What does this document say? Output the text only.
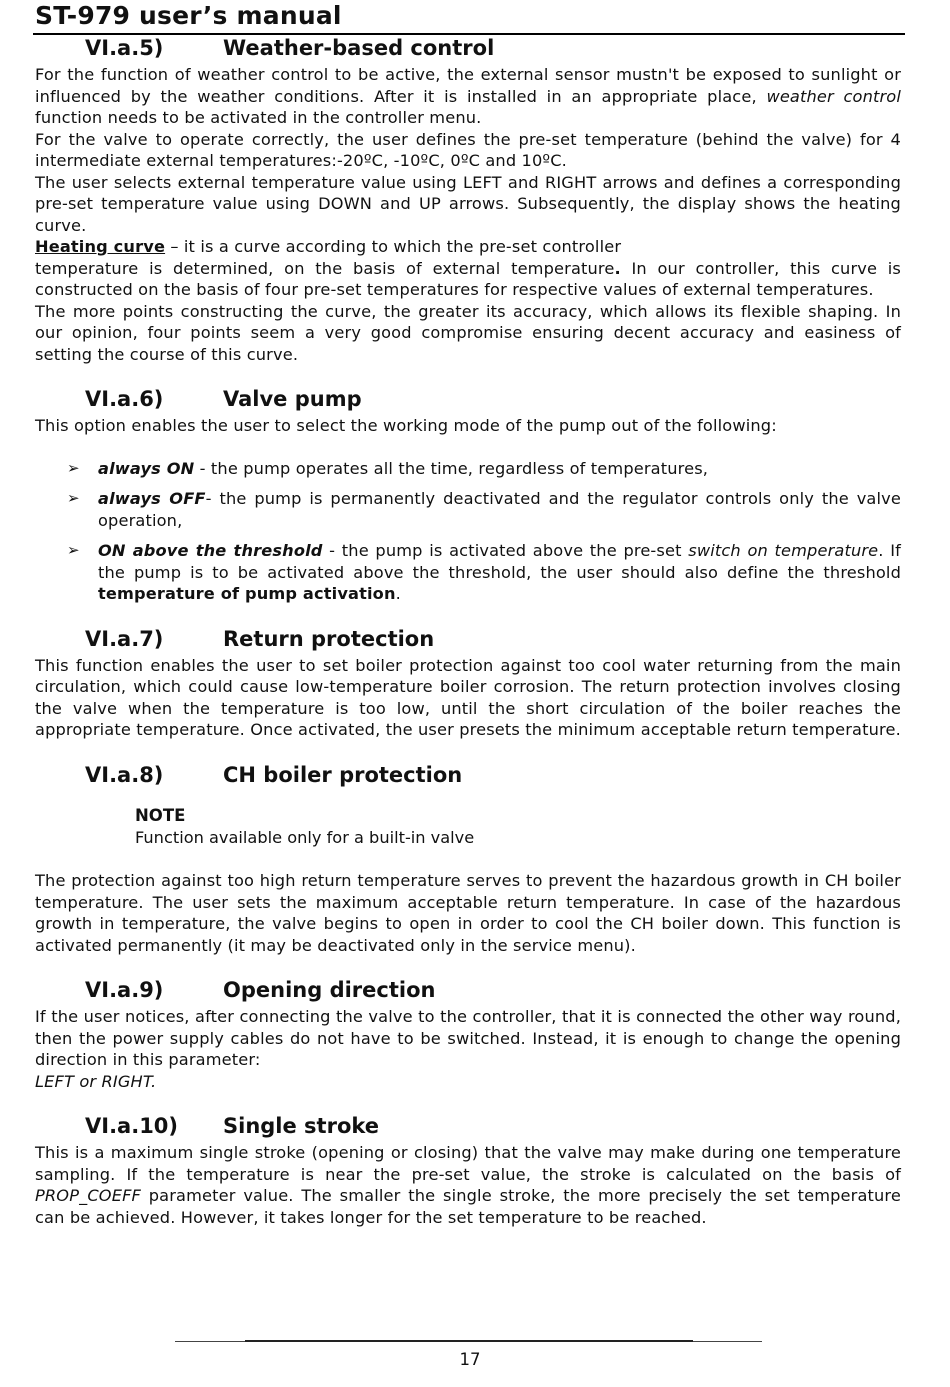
ST-979 user’s manual
VI.a.5)	Weather-based control

For the function of weather control to be active, the external sensor mustn't be exposed to sunlight or influenced by the weather conditions. After it is installed in an appropriate place, weather control function needs to be activated in the controller menu.

For the valve to operate correctly, the user defines the pre-set temperature (behind the valve) for 4 intermediate external temperatures:-20ºC, -10ºC, 0ºC and 10ºC.

The user selects external temperature value using LEFT and RIGHT arrows and defines a corresponding pre-set temperature value using DOWN and UP arrows. Subsequently, the display shows the heating curve.

Heating curve – it is a curve according to which the pre-set controller

temperature is determined, on the basis of external temperature. In our controller, this curve is constructed on the basis of four pre-set temperatures for respective values of external temperatures.

The more points constructing the curve, the greater its accuracy, which allows its flexible shaping. In our opinion, four points seem a very good compromise ensuring decent accuracy and easiness of setting the course of this curve.

VI.a.6)	Valve pump

This option enables the user to select the working mode of the pump out of the following:

➢ always ON - the pump operates all the time, regardless of temperatures,
➢ always OFF- the pump is permanently deactivated and the regulator controls only the valve operation,
➢ ON above the threshold - the pump is activated above the pre-set switch on temperature. If the pump is to be activated above the threshold, the user should also define the threshold temperature of pump activation.
VI.a.7)	Return protection

This function enables the user to set boiler protection against too cool water returning from the main circulation, which could cause low-temperature boiler corrosion. The return protection involves closing the valve when the temperature is too low, until the short circulation of the boiler reaches the appropriate temperature. Once activated, the user presets the minimum acceptable return temperature.

VI.a.8)	CH boiler protection
NOTE
Function available only for a built-in valve

The protection against too high return temperature serves to prevent the hazardous growth in CH boiler temperature. The user sets the maximum acceptable return temperature. In case of the hazardous growth in temperature, the valve begins to open in order to cool the CH boiler down. This function is activated permanently (it may be deactivated only in the service menu).

VI.a.9)	Opening direction

If the user notices, after connecting the valve to the controller, that it is connected the other way round, then the power supply cables do not have to be switched. Instead, it is enough to change the opening direction in this parameter:

LEFT or RIGHT.

VI.a.10) Single stroke

This is a maximum single stroke (opening or closing) that the valve may make during one temperature sampling. If the temperature is near the pre-set value, the stroke is calculated on the basis of PROP_COEFF parameter value. The smaller the single stroke, the more precisely the set temperature can be achieved. However, it takes longer for the set temperature to be reached.

17
